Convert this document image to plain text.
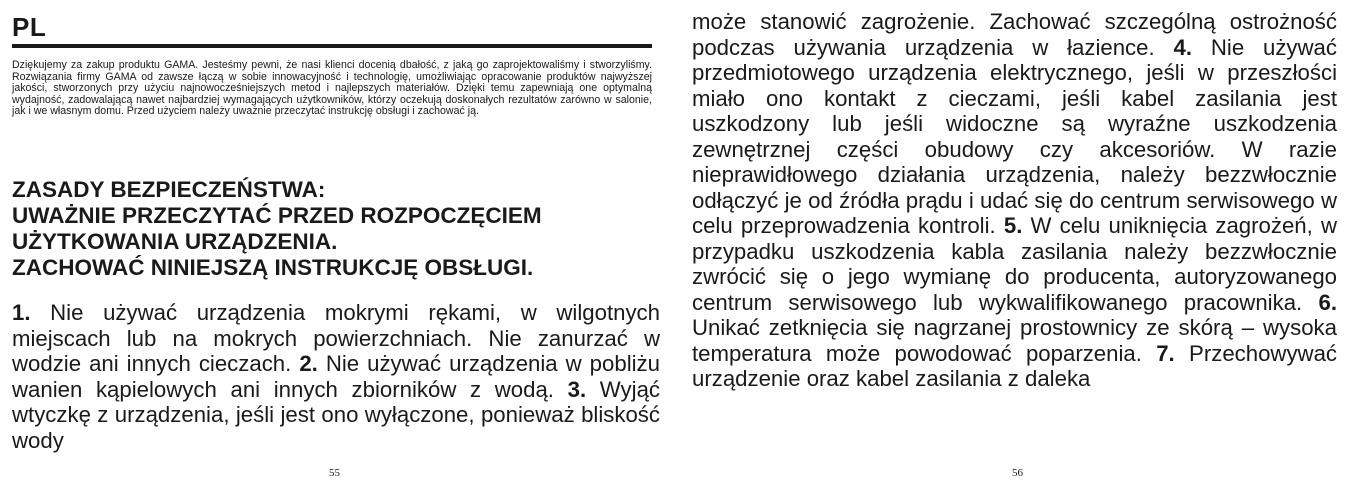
PL

Dziękujemy za zakup produktu GAMA. Jesteśmy pewni, że nasi klienci docenią dbałość, z jaką go zaprojektowaliśmy i stworzyliśmy. Rozwiązania firmy GAMA od zawsze łączą w sobie innowacyjność i technologię, umożliwiając opracowanie produktów najwyższej jakości, stworzonych przy użyciu najnowocześniejszych metod i najlepszych materiałów. Dzięki temu zapewniają one optymalną wydajność, zadowalającą nawet najbardziej wymagających użytkowników, którzy oczekują doskonałych rezultatów zarówno w salonie, jak i we własnym domu. Przed użyciem należy uważnie przeczytać instrukcję obsługi i zachować ją.

ZASADY BEZPIECZEŃSTWA:
UWAŻNIE PRZECZYTAĆ PRZED ROZPOCZĘCIEM
UŻYTKOWANIA URZĄDZENIA.
ZACHOWAĆ NINIEJSZĄ INSTRUKCJĘ OBSŁUGI.

1. Nie używać urządzenia mokrymi rękami, w wilgotnych miejscach lub na mokrych powierzchniach. Nie zanurzać w wodzie ani innych cieczach. 2. Nie używać urządzenia w pobliżu wanien kąpielowych ani innych zbiorników z wodą. 3. Wyjąć wtyczkę z urządzenia, jeśli jest ono wyłączone, ponieważ bliskość wody

55

może stanowić zagrożenie. Zachować szczególną ostrożność podczas używania urządzenia w łazience. 4. Nie używać przedmiotowego urządzenia elektrycznego, jeśli w przeszłości miało ono kontakt z cieczami, jeśli kabel zasilania jest uszkodzony lub jeśli widoczne są wyraźne uszkodzenia zewnętrznej części obudowy czy akcesoriów. W razie nieprawidłowego działania urządzenia, należy bezzwłocznie odłączyć je od źródła prądu i udać się do centrum serwisowego w celu przeprowadzenia kontroli. 5. W celu uniknięcia zagrożeń, w przypadku uszkodzenia kabla zasilania należy bezzwłocznie zwrócić się o jego wymianę do producenta, autoryzowanego centrum serwisowego lub wykwalifikowanego pracownika. 6. Unikać zetknięcia się nagrzanej prostownicy ze skórą – wysoka temperatura może powodować poparzenia. 7. Przechowywać urządzenie oraz kabel zasilania z daleka

56
